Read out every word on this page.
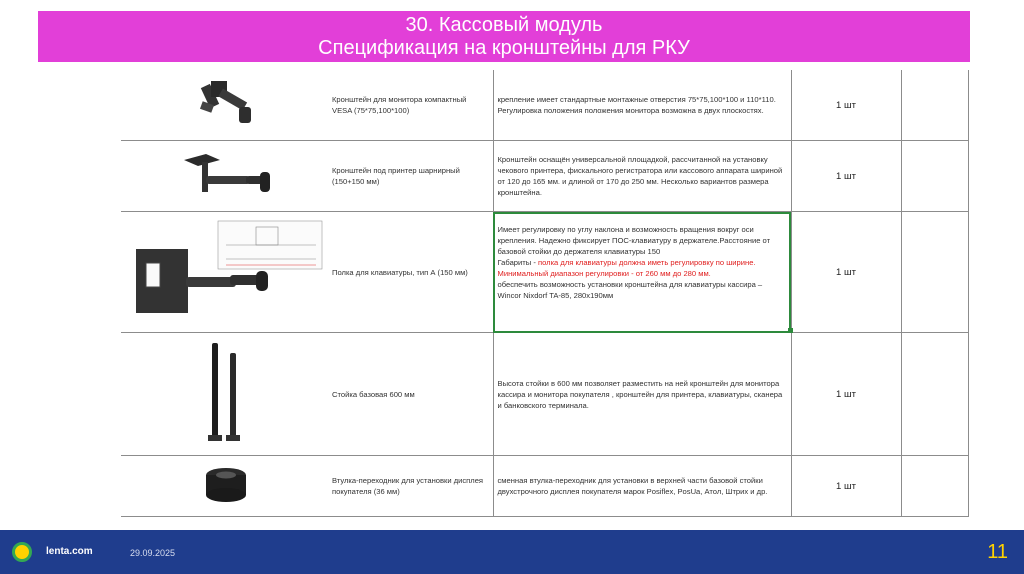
30. Кассовый модуль
Спецификация на кронштейны для РКУ
	Кронштейн для монитора компактный VESA (75*75,100*100)	крепление имеет стандартные монтажные отверстия 75*75,100*100 и 110*110. Регулировка положения положения монитора возможна в двух плоскостях.	1 шт	

	Кронштейн под принтер шарнирный (150+150 мм)	Кронштейн оснащён универсальной площадкой, рассчитанной на установку чекового принтера, фискального регистратора или кассового аппарата шириной от 120 до 165 мм. и длиной от 170 до 250 мм. Несколько вариантов размера кронштейна.	1 шт	

	Полка для клавиатуры, тип А (150 мм)	Имеет регулировку по углу наклона и возможность вращения вокруг оси крепления. Надежно фиксирует ПОС-клавиатуру в держателе.Расстояние от базовой стойки до держателя клавиатуры 150
Габариты - полка для клавиатуры должна иметь регулировку по ширине. Минимальный диапазон регулировки - от 260 мм до 280 мм.
обеспечить возможность установки кронштейна для клавиатуры кассира – Wincor Nixdorf TA-85, 280х190мм	1 шт	

	Стойка базовая 600 мм	Высота стойки в 600 мм позволяет разместить на ней кронштейн для монитора кассира и монитора покупателя , кронштейн для принтера, клавиатуры, сканера и банковского терминала.	1 шт	

	Втулка-переходник для установки дисплея покупателя (36 мм)	сменная втулка-переходник для установки в верхней части базовой стойки двухстрочного дисплея покупателя марок Posiflex, PosUa, Атол, Штрих и др.	1 шт	
lenta.com	29.09.2025	11
